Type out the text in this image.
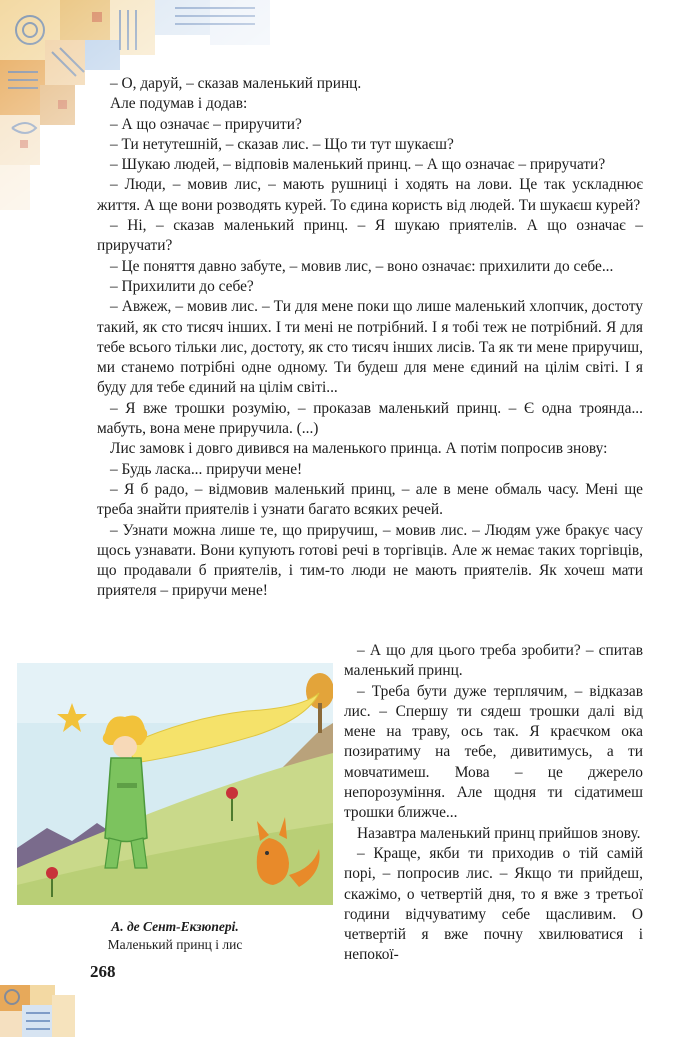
– О, даруй, – сказав маленький принц.

Але подумав і додав:

– А що означає – приручити?

– Ти нетутешній, – сказав лис. – Що ти тут шукаєш?

– Шукаю людей, – відповів маленький принц. – А що означає – приручати?

– Люди, – мовив лис, – мають рушниці і ходять на лови. Це так ускладнює життя. А ще вони розводять курей. То єдина користь від людей. Ти шукаєш курей?

– Ні, – сказав маленький принц. – Я шукаю приятелів. А що означає – приручати?

– Це поняття давно забуте, – мовив лис, – воно означає: прихилити до себе...

– Прихилити до себе?

– Авжеж, – мовив лис. – Ти для мене поки що лише маленький хлопчик, достоту такий, як сто тисяч інших. І ти мені не потрібний. І я тобі теж не потрібний. Я для тебе всього тільки лис, достоту, як сто тисяч інших лисів. Та як ти мене приручиш, ми станемо потрібні одне одному. Ти будеш для мене єдиний на цілім світі. І я буду для тебе єдиний на цілім світі...

– Я вже трошки розумію, – проказав маленький принц. – Є одна троянда... мабуть, вона мене приручила. (...)

Лис замовк і довго дивився на маленького принца. А потім попросив знову:

– Будь ласка... приручи мене!

– Я б радо, – відмовив маленький принц, – але в мене обмаль часу. Мені ще треба знайти приятелів і узнати багато всяких речей.

– Узнати можна лише те, що приручиш, – мовив лис. – Людям уже бракує часу щось узнавати. Вони купують готові речі в торгівців. Але ж немає таких торгівців, що продавали б приятелів, і тим-то люди не мають приятелів. Як хочеш мати приятеля – приручи мене!

А. де Сент-Екзюпері.
Маленький принц і лис

– А що для цього треба зробити? – спитав маленький принц.

– Треба бути дуже терплячим, – відказав лис. – Спершу ти сядеш трошки далі від мене на траву, ось так. Я краєчком ока позиратиму на тебе, дивитимусь, а ти мовчатимеш. Мова – це джерело непорозуміння. Але щодня ти сідатимеш трошки ближче...

Назавтра маленький принц прийшов знову.

– Краще, якби ти приходив о тій самій порі, – попросив лис. – Якщо ти прийдеш, скажімо, о четвертій дня, то я вже з третьої години відчуватиму себе щасливим. О четвертій я вже почну хвилюватися і непокої-

268
